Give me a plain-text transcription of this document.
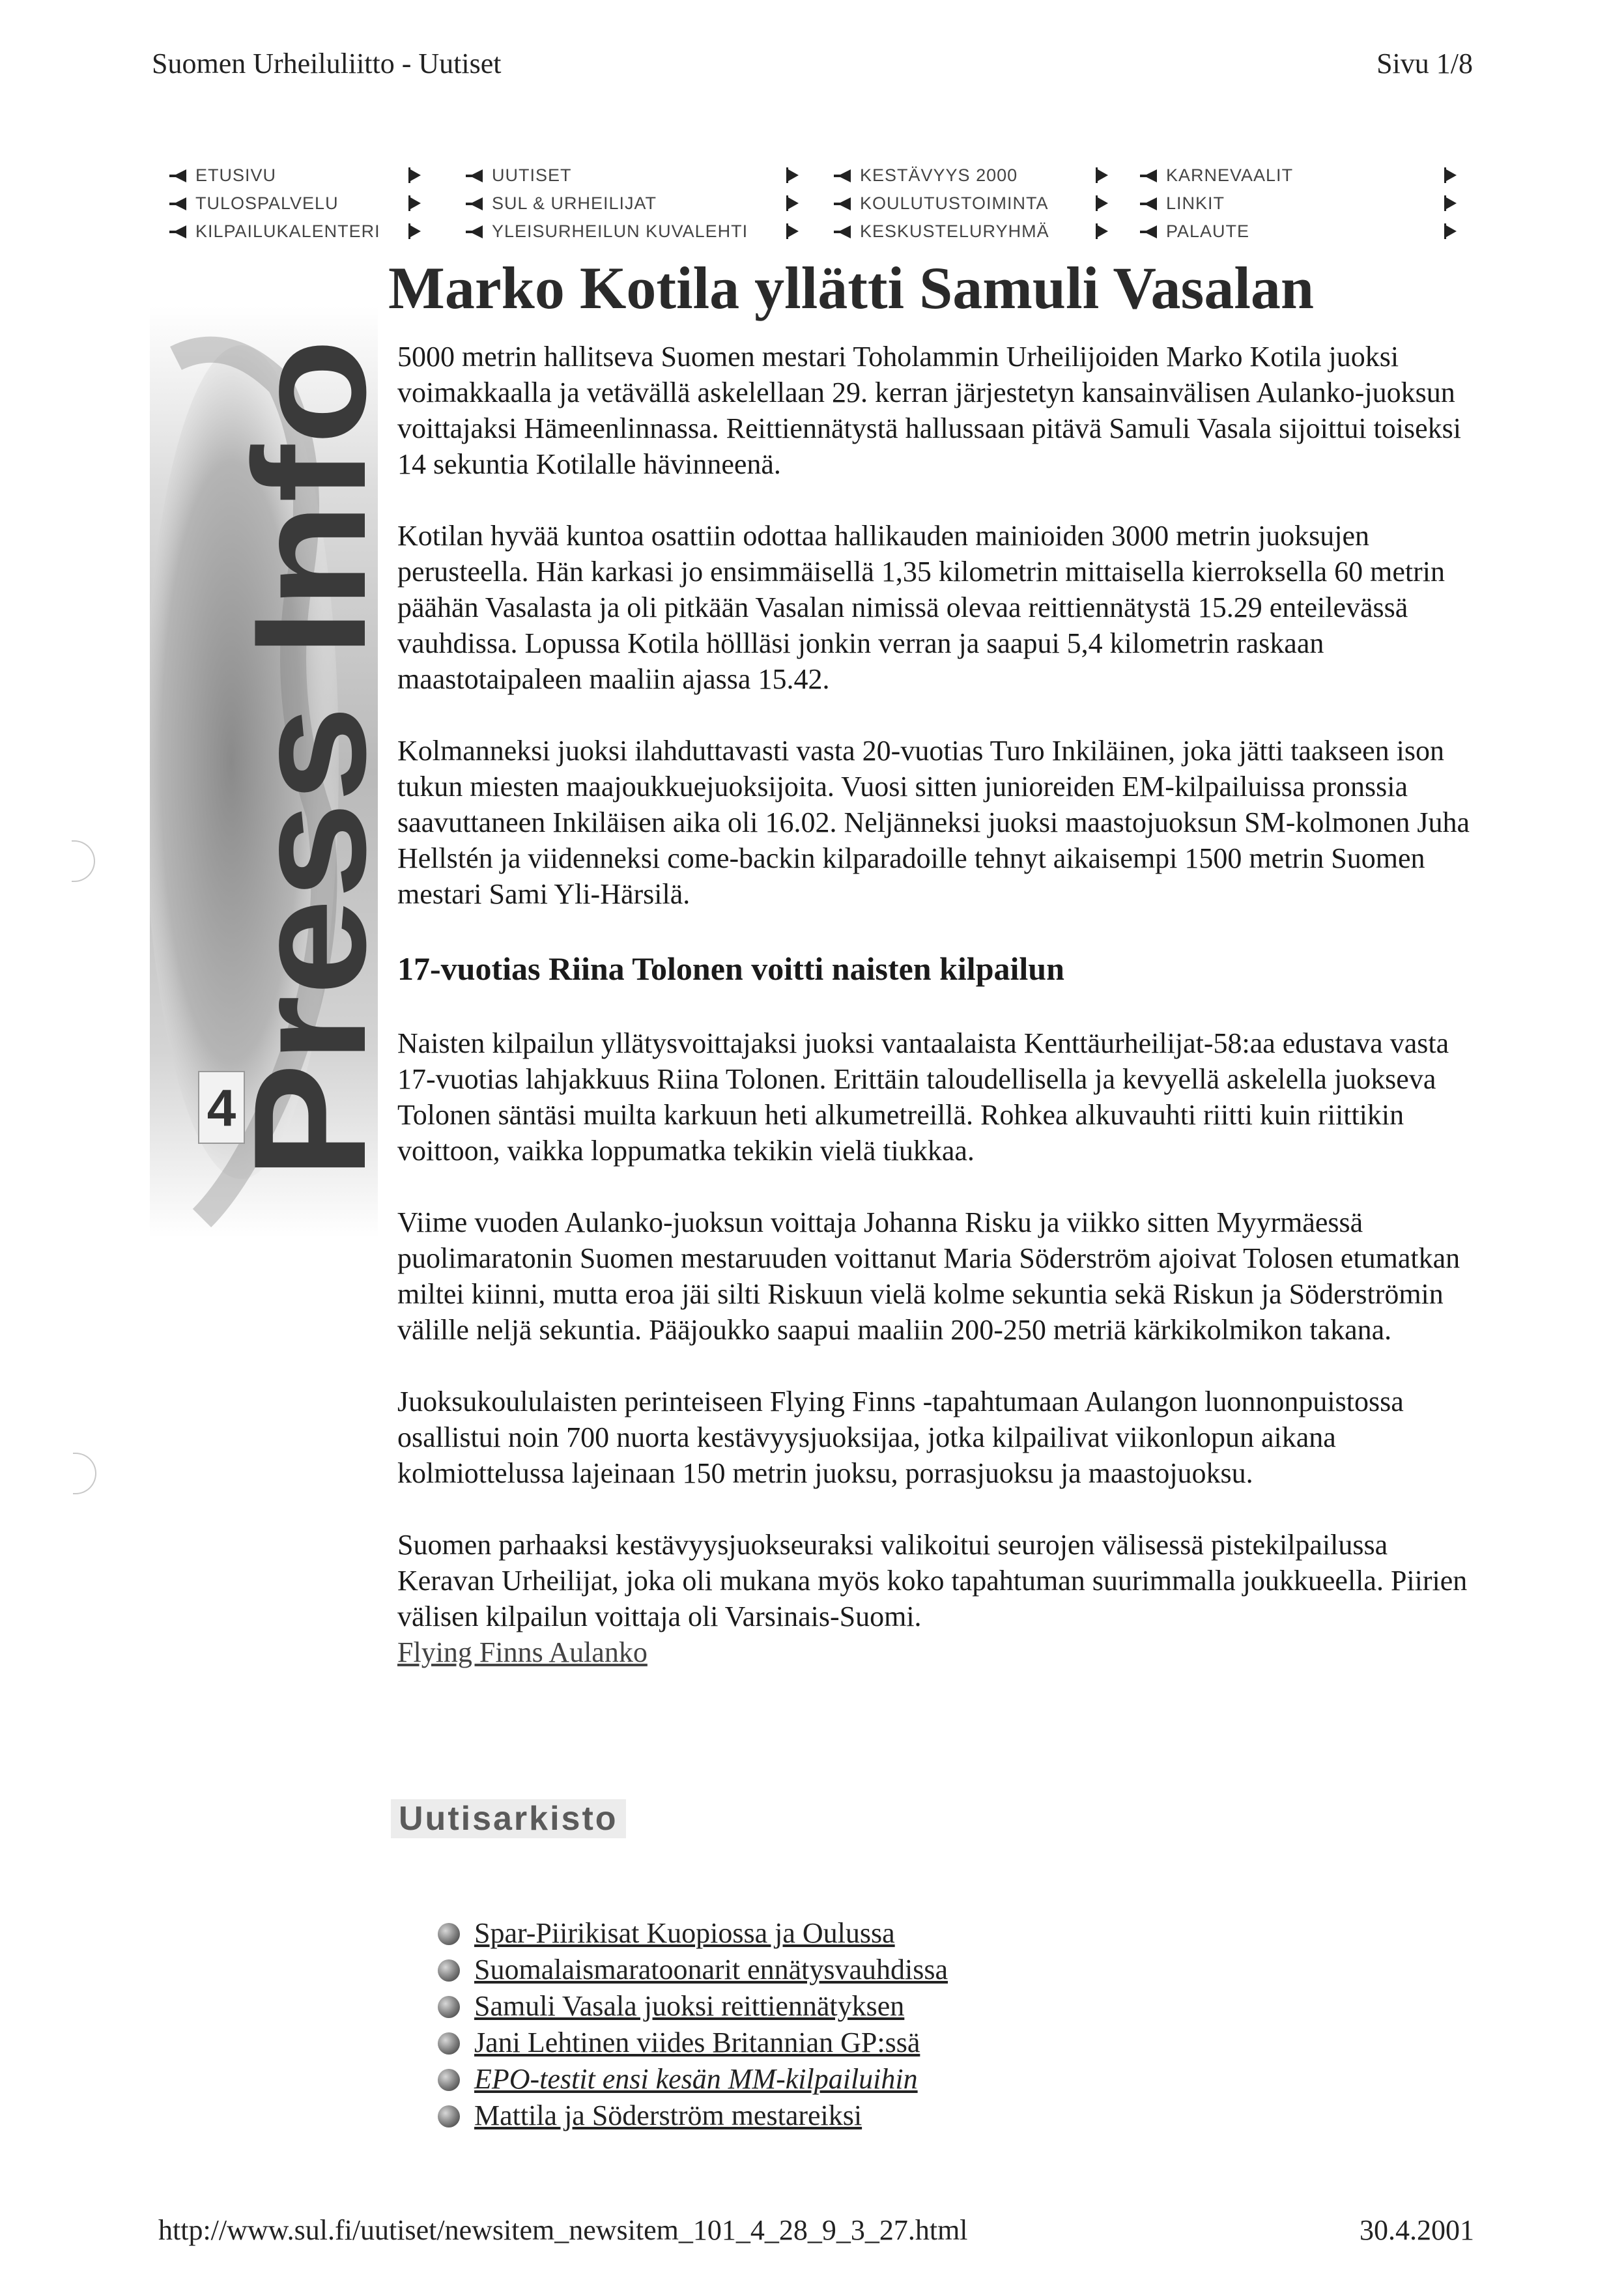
Suomen Urheiluliitto - Uutiset	Sivu 1/8
ETUSIVU
TULOSPALVELU
KILPAILUKALENTERI
UUTISET
SUL & URHEILIJAT
YLEISURHEILUN KUVALEHTI
KESTÄVYYS 2000
KOULUTUSTOIMINTA
KESKUSTELURYHMÄ
KARNEVAALIT
LINKIT
PALAUTE
4
Press Info
Marko Kotila yllätti Samuli Vasalan

5000 metrin hallitseva Suomen mestari Toholammin Urheilijoiden Marko Kotila juoksi voimakkaalla ja vetävällä askelellaan 29. kerran järjestetyn kansainvälisen Aulanko-juoksun voittajaksi Hämeenlinnassa. Reittiennätystä hallussaan pitävä Samuli Vasala sijoittui toiseksi 14 sekuntia Kotilalle hävinneenä.

Kotilan hyvää kuntoa osattiin odottaa hallikauden mainioiden 3000 metrin juoksujen perusteella. Hän karkasi jo ensimmäisellä 1,35 kilometrin mittaisella kierroksella 60 metrin päähän Vasalasta ja oli pitkään Vasalan nimissä olevaa reittiennätystä 15.29 enteilevässä vauhdissa. Lopussa Kotila höllläsi jonkin verran ja saapui 5,4 kilometrin raskaan maastotaipaleen maaliin ajassa 15.42.

Kolmanneksi juoksi ilahduttavasti vasta 20-vuotias Turo Inkiläinen, joka jätti taakseen ison tukun miesten maajoukkuejuoksijoita. Vuosi sitten junioreiden EM-kilpailuissa pronssia saavuttaneen Inkiläisen aika oli 16.02. Neljänneksi juoksi maastojuoksun SM-kolmonen Juha Hellstén ja viidenneksi come-backin kilparadoille tehnyt aikaisempi 1500 metrin Suomen mestari Sami Yli-Härsilä.

17-vuotias Riina Tolonen voitti naisten kilpailun

Naisten kilpailun yllätysvoittajaksi juoksi vantaalaista Kenttäurheilijat-58:aa edustava vasta 17-vuotias lahjakkuus Riina Tolonen. Erittäin taloudellisella ja kevyellä askelella juokseva Tolonen säntäsi muilta karkuun heti alkumetreillä. Rohkea alkuvauhti riitti kuin riittikin voittoon, vaikka loppumatka tekikin vielä tiukkaa.

Viime vuoden Aulanko-juoksun voittaja Johanna Risku ja viikko sitten Myyrmäessä puolimaratonin Suomen mestaruuden voittanut Maria Söderström ajoivat Tolosen etumatkan miltei kiinni, mutta eroa jäi silti Riskuun vielä kolme sekuntia sekä Riskun ja Söderströmin välille neljä sekuntia. Pääjoukko saapui maaliin 200-250 metriä kärkikolmikon takana.

Juoksukoululaisten perinteiseen Flying Finns -tapahtumaan Aulangon luonnonpuistossa osallistui noin 700 nuorta kestävyysjuoksijaa, jotka kilpailivat viikonlopun aikana kolmiottelussa lajeinaan 150 metrin juoksu, porrasjuoksu ja maastojuoksu.

Suomen parhaaksi kestävyysjuokseuraksi valikoitui seurojen välisessä pistekilpailussa Keravan Urheilijat, joka oli mukana myös koko tapahtuman suurimmalla joukkueella. Piirien välisen kilpailun voittaja oli Varsinais-Suomi.

Flying Finns Aulanko
Uutisarkisto
Spar-Piirikisat Kuopiossa ja Oulussa
Suomalaismaratoonarit ennätysvauhdissa
Samuli Vasala juoksi reittiennätyksen
Jani Lehtinen viides Britannian GP:ssä
EPO-testit ensi kesän MM-kilpailuihin
Mattila ja Söderström mestareiksi
http://www.sul.fi/uutiset/newsitem_newsitem_101_4_28_9_3_27.html	30.4.2001
